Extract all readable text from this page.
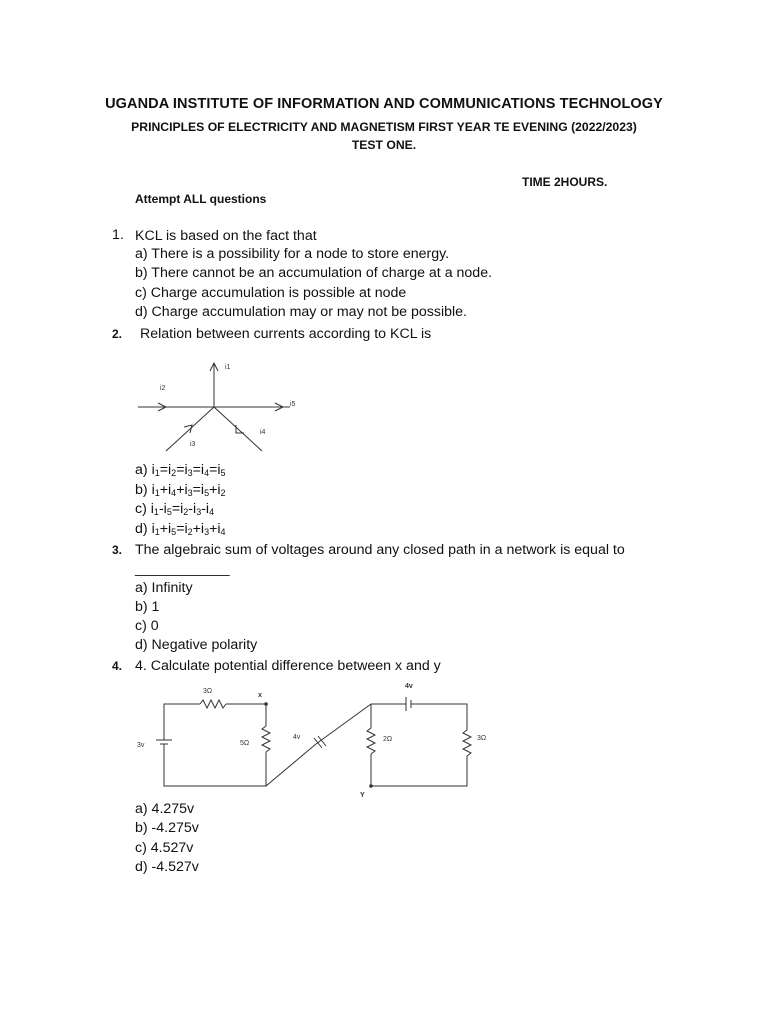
UGANDA INSTITUTE OF INFORMATION AND COMMUNICATIONS TECHNOLOGY
PRINCIPLES OF ELECTRICITY AND MAGNETISM FIRST YEAR TE EVENING (2022/2023)
TEST ONE.
TIME 2HOURS.
Attempt ALL questions
1. KCL is based on the fact that
a) There is a possibility for a node to store energy.
b) There cannot be an accumulation of charge at a node.
c) Charge accumulation is possible at node
d) Charge accumulation may or may not be possible.
2. Relation between currents according to KCL is
i1
i2
i5
i3
i4
a) $i_1=i_2=i_3=i_4=i_5$
b) $i_1+i_4+i_3=i_5+i_2$
c) $i_1-i_5=i_2-i_3-i_4$
d) $i_1+i_5=i_2+i_3+i_4$
3. The algebraic sum of voltages around any closed path in a network is equal to
____________
a) Infinity
b) 1
c) 0
d) Negative polarity
4. 4. Calculate potential difference between x and y
3Ω
x
3v	5Ω
4v
4v
2Ω	3Ω
Y
a) 4.275v
b) -4.275v
c) 4.527v
d) -4.527v
